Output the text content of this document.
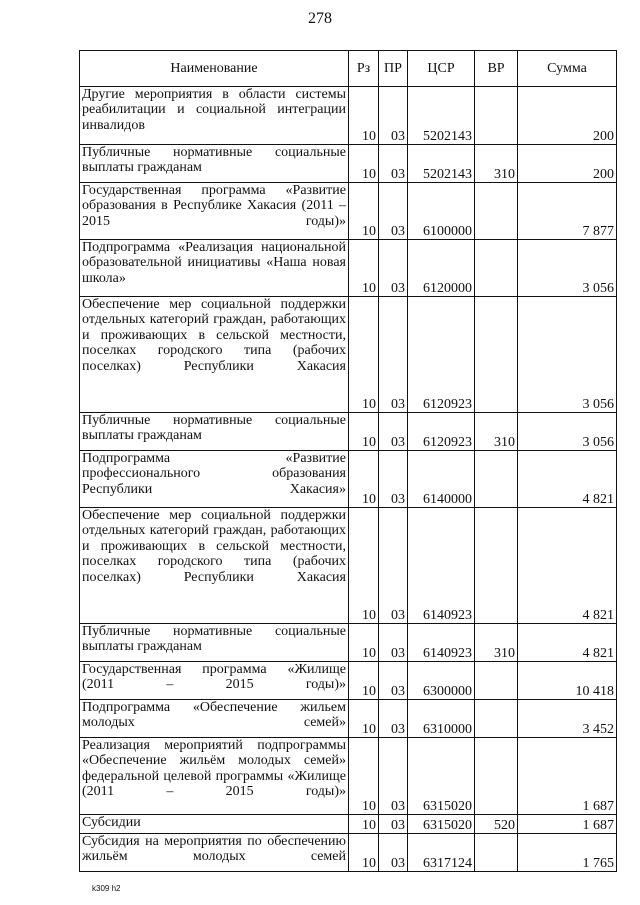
278
Наименование	Рз	ПР	ЦСР	ВР	Сумма
Другие мероприятия в области системы реабилитации и социальной интеграции инвалидов	10	03	5202143		200
Публичные нормативные социальные выплаты гражданам	10	03	5202143	310	200
Государственная программа «Развитие образования в Республике Хакасия (2011 – 2015 годы)»	10	03	6100000		7 877
Подпрограмма «Реализация национальной образовательной инициативы «Наша новая школа»	10	03	6120000		3 056
Обеспечение мер социальной поддержки отдельных категорий граждан, работающих и проживающих в сельской местности, поселках городского типа (рабочих поселках) Республики Хакасия	10	03	6120923		3 056
Публичные нормативные социальные выплаты гражданам	10	03	6120923	310	3 056
Подпрограмма «Развитие профессионального образования Республики Хакасия»	10	03	6140000		4 821
Обеспечение мер социальной поддержки отдельных категорий граждан, работающих и проживающих в сельской местности, поселках городского типа (рабочих поселках) Республики Хакасия	10	03	6140923		4 821
Публичные нормативные социальные выплаты гражданам	10	03	6140923	310	4 821
Государственная программа «Жилище (2011 – 2015 годы)»	10	03	6300000		10 418
Подпрограмма «Обеспечение жильем молодых семей»	10	03	6310000		3 452
Реализация мероприятий подпрограммы «Обеспечение жильём молодых семей» федеральной целевой программы «Жилище (2011 – 2015 годы)»	10	03	6315020		1 687
Субсидии	10	03	6315020	520	1 687
Субсидия на мероприятия по обеспечению жильём молодых семей	10	03	6317124		1 765
k309 h2
